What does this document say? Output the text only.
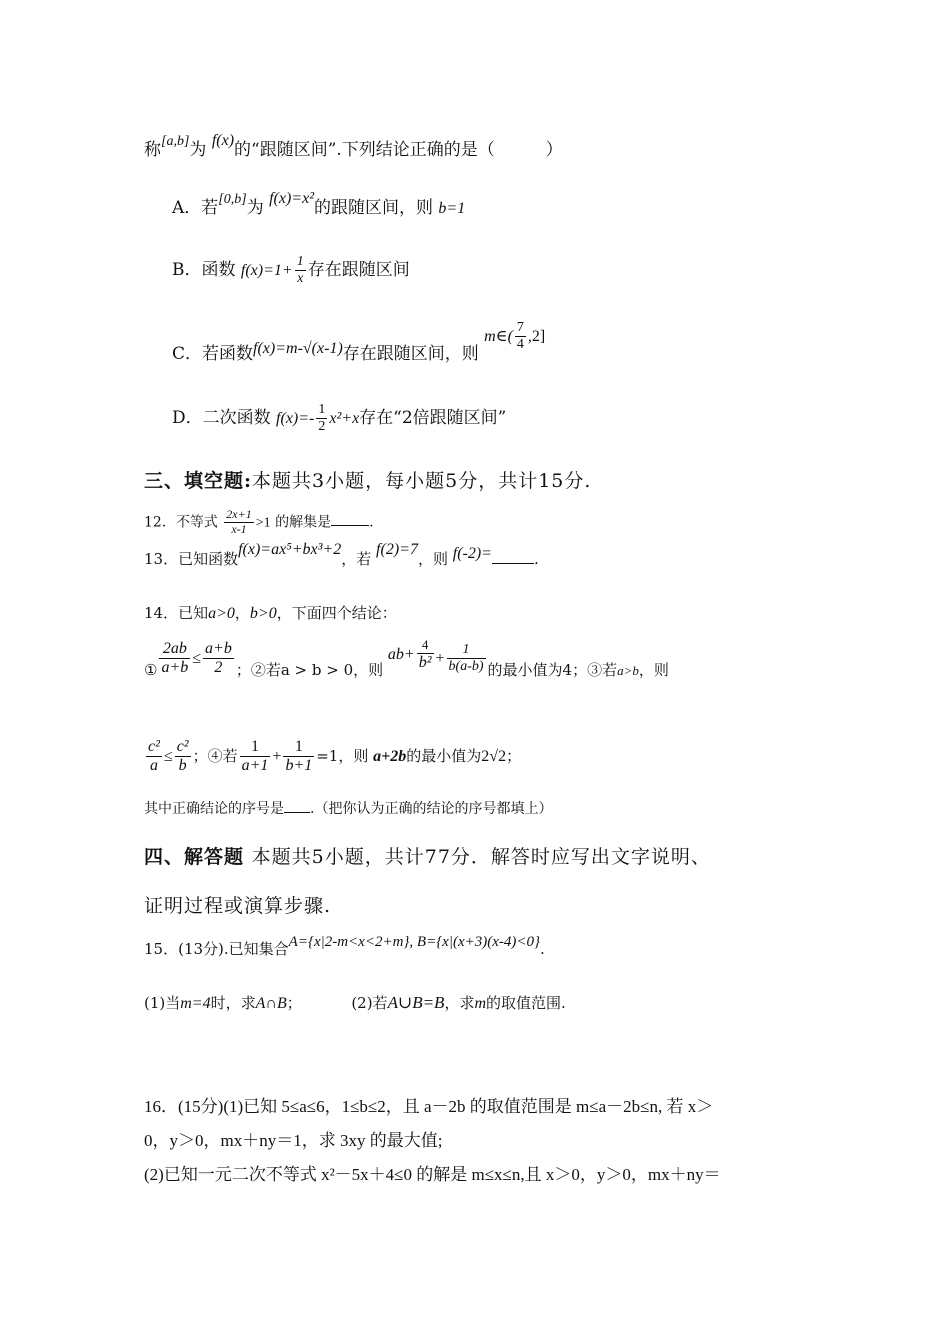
称[a,b]为 f(x)的“跟随区间”.下列结论正确的是（　　　）
A．若[0,b]为 f(x)=x²的跟随区间，则 b=1
B．函数 $f(x)=1+ \frac{1}{x}$ 存在跟随区间
C．若函数f(x)=m-√(x-1)存在跟随区间，则 m∈( $\frac{7}{4} ,2$]
D．二次函数 $f(x)=- \frac{1}{2} x^2+x$存在“2倍跟随区间”
三、填空题:本题共3小题，每小题5分，共计15分.
12．不等式 $\frac{2x+1}{x-1} >1$ 的解集是	.
13．已知函数f(x)=ax⁵+bx³+2，若 f(2)=7，则 f(-2)=	.
14．已知a>0，b>0，下面四个结论：
① $\frac{2ab}{a+b} \le \frac{a+b}{2}$ ；②若a > b > 0，则 $ab+ \frac{4}{\text{b²}} + \frac{1}{b(a-b)}$ 的最小值为4；③若a>b，则
$\frac{\text{c²}}{a} \le \frac{\text{c²}}{b}$ ；④若 $\frac{1}{a+1} + \frac{1}{b+1} =1$，则 a+2b的最小值为2√2；
其中正确结论的序号是 .（把你认为正确的结论的序号都填上）
四、解答题 本题共5小题，共计77分．解答时应写出文字说明、
证明过程或演算步骤.
15．(13分).已知集合A={x|2-m<x<2+m}, B={x|(x+3)(x-4)<0}.
(1)当m=4时，求A∩B；	(2)若A∪B=B，求m的取值范围.
16．(15分)(1)已知 5≤a≤6，1≤b≤2，且 a－2b 的取值范围是 m≤a－2b≤n, 若 x＞
0，y＞0，mx＋ny＝1，求 3xy 的最大值;
(2)已知一元二次不等式 x²－5x＋4≤0 的解是 m≤x≤n,且 x＞0，y＞0，mx＋ny＝
